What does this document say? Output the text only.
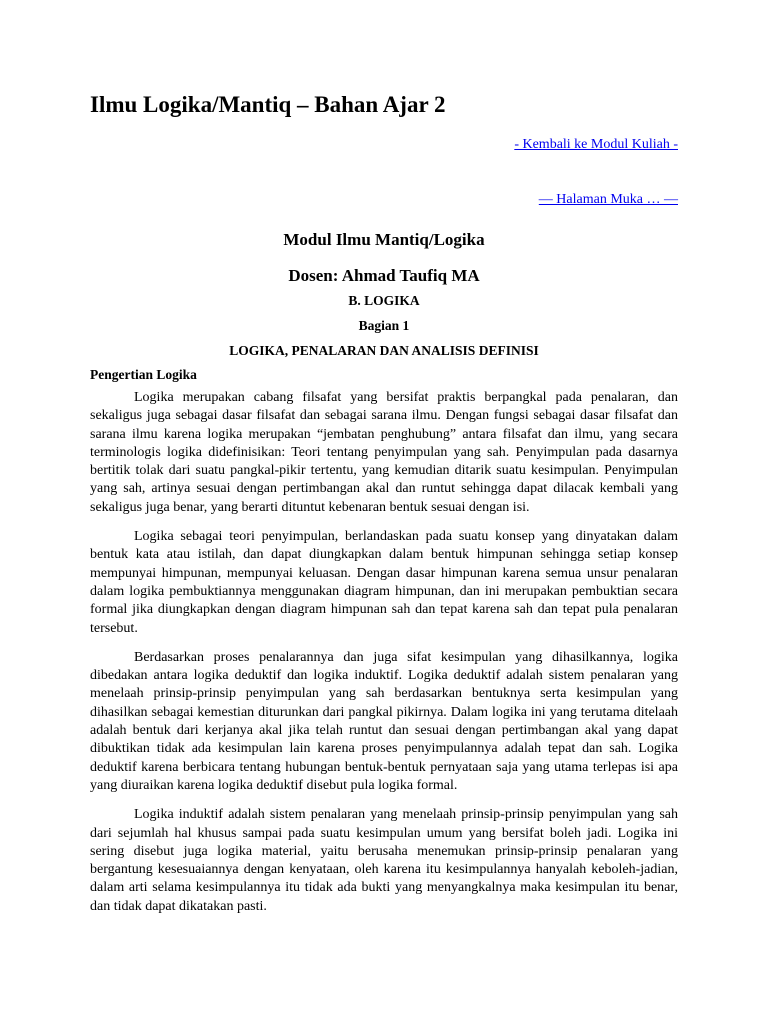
Ilmu Logika/Mantiq – Bahan Ajar 2
- Kembali ke Modul Kuliah -
— Halaman Muka … —
Modul Ilmu Mantiq/Logika
Dosen: Ahmad Taufiq MA
B. LOGIKA
Bagian 1
LOGIKA, PENALARAN DAN ANALISIS DEFINISI
Pengertian Logika

Logika merupakan cabang filsafat yang bersifat praktis berpangkal pada penalaran, dan sekaligus juga sebagai dasar filsafat dan sebagai sarana ilmu. Dengan fungsi sebagai dasar filsafat dan sarana ilmu karena logika merupakan “jembatan penghubung” antara filsafat dan ilmu, yang secara terminologis logika didefinisikan: Teori tentang penyimpulan yang sah. Penyimpulan pada dasarnya bertitik tolak dari suatu pangkal-pikir tertentu, yang kemudian ditarik suatu kesimpulan. Penyimpulan yang sah, artinya sesuai dengan pertimbangan akal dan runtut sehingga dapat dilacak kembali yang sekaligus juga benar, yang berarti dituntut kebenaran bentuk sesuai dengan isi.

Logika sebagai teori penyimpulan, berlandaskan pada suatu konsep yang dinyatakan dalam bentuk kata atau istilah, dan dapat diungkapkan dalam bentuk himpunan sehingga setiap konsep mempunyai himpunan, mempunyai keluasan. Dengan dasar himpunan karena semua unsur penalaran dalam logika pembuktiannya menggunakan diagram himpunan, dan ini merupakan pembuktian secara formal jika diungkapkan dengan diagram himpunan sah dan tepat karena sah dan tepat pula penalaran tersebut.

Berdasarkan proses penalarannya dan juga sifat kesimpulan yang dihasilkannya, logika dibedakan antara logika deduktif dan logika induktif. Logika deduktif adalah sistem penalaran yang menelaah prinsip-prinsip penyimpulan yang sah berdasarkan bentuknya serta kesimpulan yang dihasilkan sebagai kemestian diturunkan dari pangkal pikirnya. Dalam logika ini yang terutama ditelaah adalah bentuk dari kerjanya akal jika telah runtut dan sesuai dengan pertimbangan akal yang dapat dibuktikan tidak ada kesimpulan lain karena proses penyimpulannya adalah tepat dan sah. Logika deduktif karena berbicara tentang hubungan bentuk-bentuk pernyataan saja yang utama terlepas isi apa yang diuraikan karena logika deduktif disebut pula logika formal.

Logika induktif adalah sistem penalaran yang menelaah prinsip-prinsip penyimpulan yang sah dari sejumlah hal khusus sampai pada suatu kesimpulan umum yang bersifat boleh jadi. Logika ini sering disebut juga logika material, yaitu berusaha menemukan prinsip-prinsip penalaran yang bergantung kesesuaiannya dengan kenyataan, oleh karena itu kesimpulannya hanyalah keboleh-jadian, dalam arti selama kesimpulannya itu tidak ada bukti yang menyangkalnya maka kesimpulan itu benar, dan tidak dapat dikatakan pasti.
